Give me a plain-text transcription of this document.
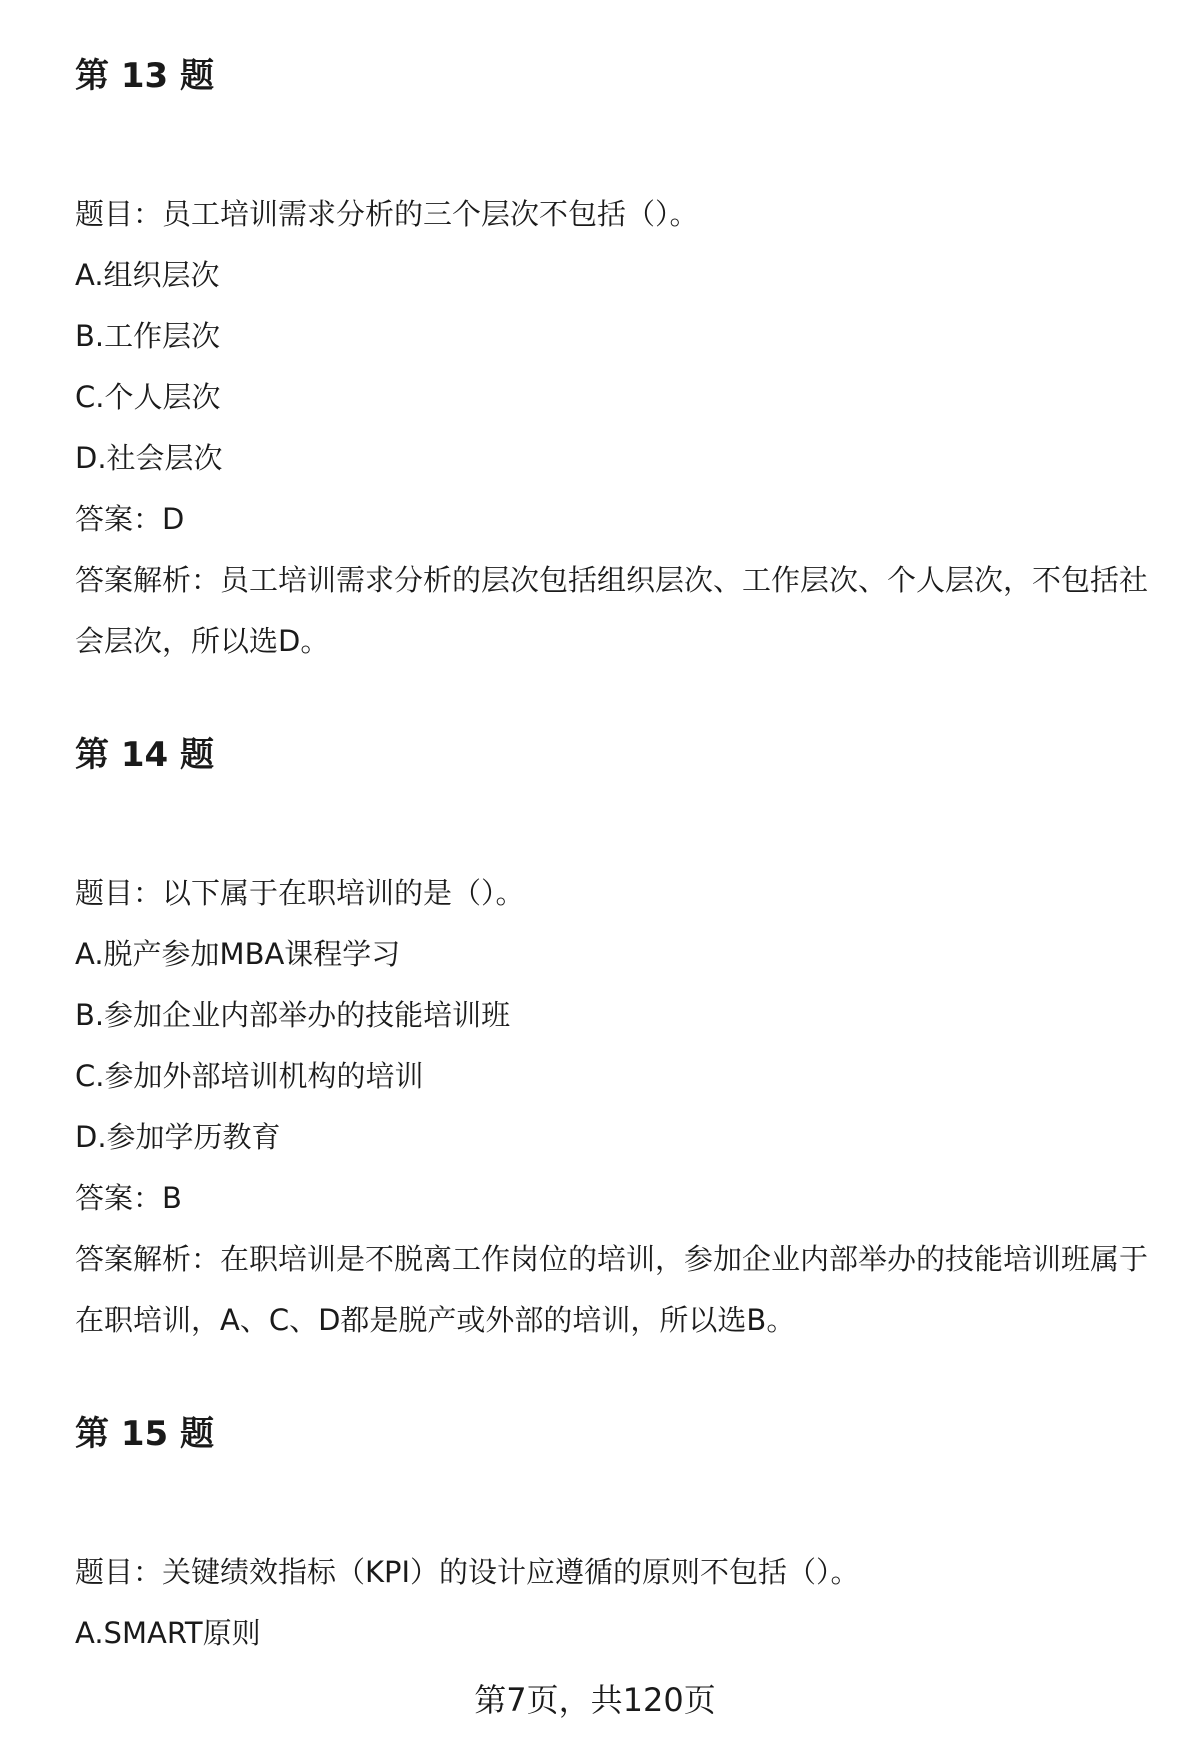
第 13 题
题目：员工培训需求分析的三个层次不包括（）。
A.组织层次
B.工作层次
C.个人层次
D.社会层次
答案：D
答案解析：员工培训需求分析的层次包括组织层次、工作层次、个人层次，不包括社会层次，所以选D。
第 14 题
题目：以下属于在职培训的是（）。
A.脱产参加MBA课程学习
B.参加企业内部举办的技能培训班
C.参加外部培训机构的培训
D.参加学历教育
答案：B
答案解析：在职培训是不脱离工作岗位的培训，参加企业内部举办的技能培训班属于在职培训，A、C、D都是脱产或外部的培训，所以选B。
第 15 题
题目：关键绩效指标（KPI）的设计应遵循的原则不包括（）。
A.SMART原则
第7页，共120页
